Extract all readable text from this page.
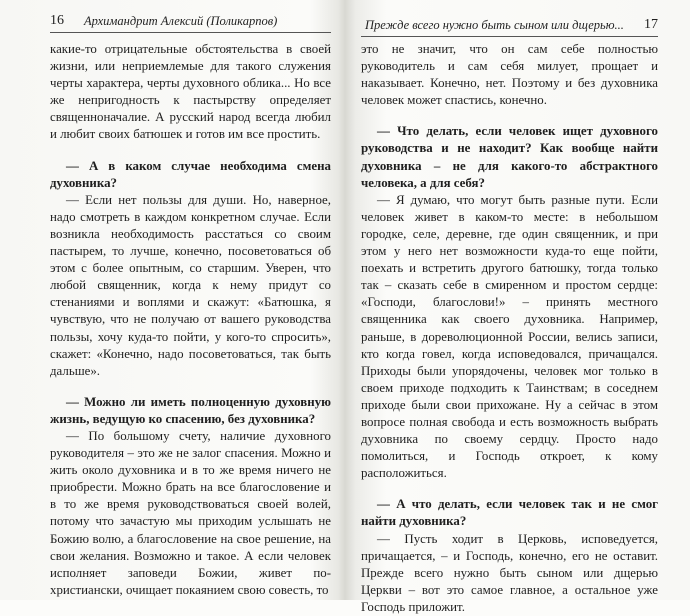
16 Архимандрит Алексий (Поликарпов)

какие-то отрицательные обстоятельства в своей жизни, или неприемлемые для такого служения черты характера, черты духовного облика... Но все же непригодность к пастырству определяет священноначалие. А русский народ всегда любил и любит своих батюшек и готов им все простить.

— А в каком случае необходима смена духовника?

— Если нет пользы для души. Но, наверное, надо смотреть в каждом конкретном случае. Если возникла необходимость расстаться со своим пастырем, то лучше, конечно, посоветоваться об этом с более опытным, со старшим. Уверен, что любой священник, когда к нему придут со стенаниями и воплями и скажут: «Батюшка, я чувствую, что не получаю от вашего руководства пользы, хочу куда-то пойти, у кого-то спросить», скажет: «Конечно, надо посоветоваться, так быть дальше».

— Можно ли иметь полноценную духовную жизнь, ведущую ко спасению, без духовника?

— По большому счету, наличие духовного руководителя – это же не залог спасения. Можно и жить около духовника и в то же время ничего не приобрести. Можно брать на все благословение и в то же время руководствоваться своей волей, потому что зачастую мы приходим услышать не Божию волю, а благословение на свое решение, на свои желания. Возможно и такое. А если человек исполняет заповеди Божии, живет по-христиански, очищает покаянием свою совесть, то

Прежде всего нужно быть сыном или дщерью... 17

это не значит, что он сам себе полностью руководитель и сам себя милует, прощает и наказывает. Конечно, нет. Поэтому и без духовника человек может спастись, конечно.

— Что делать, если человек ищет духовного руководства и не находит? Как вообще найти духовника – не для какого-то абстрактного человека, а для себя?

— Я думаю, что могут быть разные пути. Если человек живет в каком-то месте: в небольшом городке, селе, деревне, где один священник, и при этом у него нет возможности куда-то еще пойти, поехать и встретить другого батюшку, тогда только так – сказать себе в смиренном и простом сердце: «Господи, благослови!» – принять местного священника как своего духовника. Например, раньше, в дореволюционной России, велись записи, кто когда говел, когда исповедовался, причащался. Приходы были упорядочены, человек мог только в своем приходе подходить к Таинствам; в соседнем приходе были свои прихожане. Ну а сейчас в этом вопросе полная свобода и есть возможность выбрать духовника по своему сердцу. Просто надо помолиться, и Господь откроет, к кому расположиться.

— А что делать, если человек так и не смог найти духовника?

— Пусть ходит в Церковь, исповедуется, причащается, – и Господь, конечно, его не оставит. Прежде всего нужно быть сыном или дщерью Церкви – вот это самое главное, а остальное уже Господь приложит.
